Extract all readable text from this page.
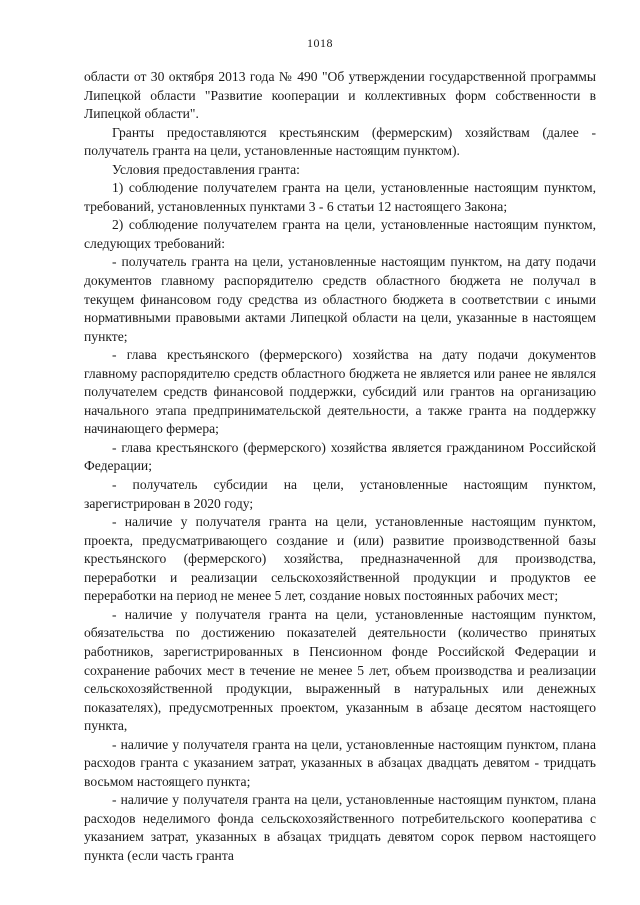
1018

области от 30 октября 2013 года № 490 "Об утверждении государственной программы Липецкой области "Развитие кооперации и коллективных форм собственности в Липецкой области".

Гранты предоставляются крестьянским (фермерским) хозяйствам (далее - получатель гранта на цели, установленные настоящим пунктом).

Условия предоставления гранта:

1) соблюдение получателем гранта на цели, установленные настоящим пунктом, требований, установленных пунктами 3 - 6 статьи 12 настоящего Закона;

2) соблюдение получателем гранта на цели, установленные настоящим пунктом, следующих требований:

- получатель гранта на цели, установленные настоящим пунктом, на дату подачи документов главному распорядителю средств областного бюджета не получал в текущем финансовом году средства из областного бюджета в соответствии с иными нормативными правовыми актами Липецкой области на цели, указанные в настоящем пункте;

- глава крестьянского (фермерского) хозяйства на дату подачи документов главному распорядителю средств областного бюджета не является или ранее не являлся получателем средств финансовой поддержки, субсидий или грантов на организацию начального этапа предпринимательской деятельности, а также гранта на поддержку начинающего фермера;

- глава крестьянского (фермерского) хозяйства является гражданином Российской Федерации;

- получатель субсидии на цели, установленные настоящим пунктом, зарегистрирован в 2020 году;

- наличие у получателя гранта на цели, установленные настоящим пунктом, проекта, предусматривающего создание и (или) развитие производственной базы крестьянского (фермерского) хозяйства, предназначенной для производства, переработки и реализации сельскохозяйственной продукции и продуктов ее переработки на период не менее 5 лет, создание новых постоянных рабочих мест;

- наличие у получателя гранта на цели, установленные настоящим пунктом, обязательства по достижению показателей деятельности (количество принятых работников, зарегистрированных в Пенсионном фонде Российской Федерации и сохранение рабочих мест в течение не менее 5 лет, объем производства и реализации сельскохозяйственной продукции, выраженный в натуральных или денежных показателях), предусмотренных проектом, указанным в абзаце десятом настоящего пункта,

- наличие у получателя гранта на цели, установленные настоящим пунктом, плана расходов гранта с указанием затрат, указанных в абзацах двадцать девятом - тридцать восьмом настоящего пункта;

- наличие у получателя гранта на цели, установленные настоящим пунктом, плана расходов неделимого фонда сельскохозяйственного потребительского кооператива с указанием затрат, указанных в абзацах тридцать девятом сорок первом настоящего пункта (если часть гранта
